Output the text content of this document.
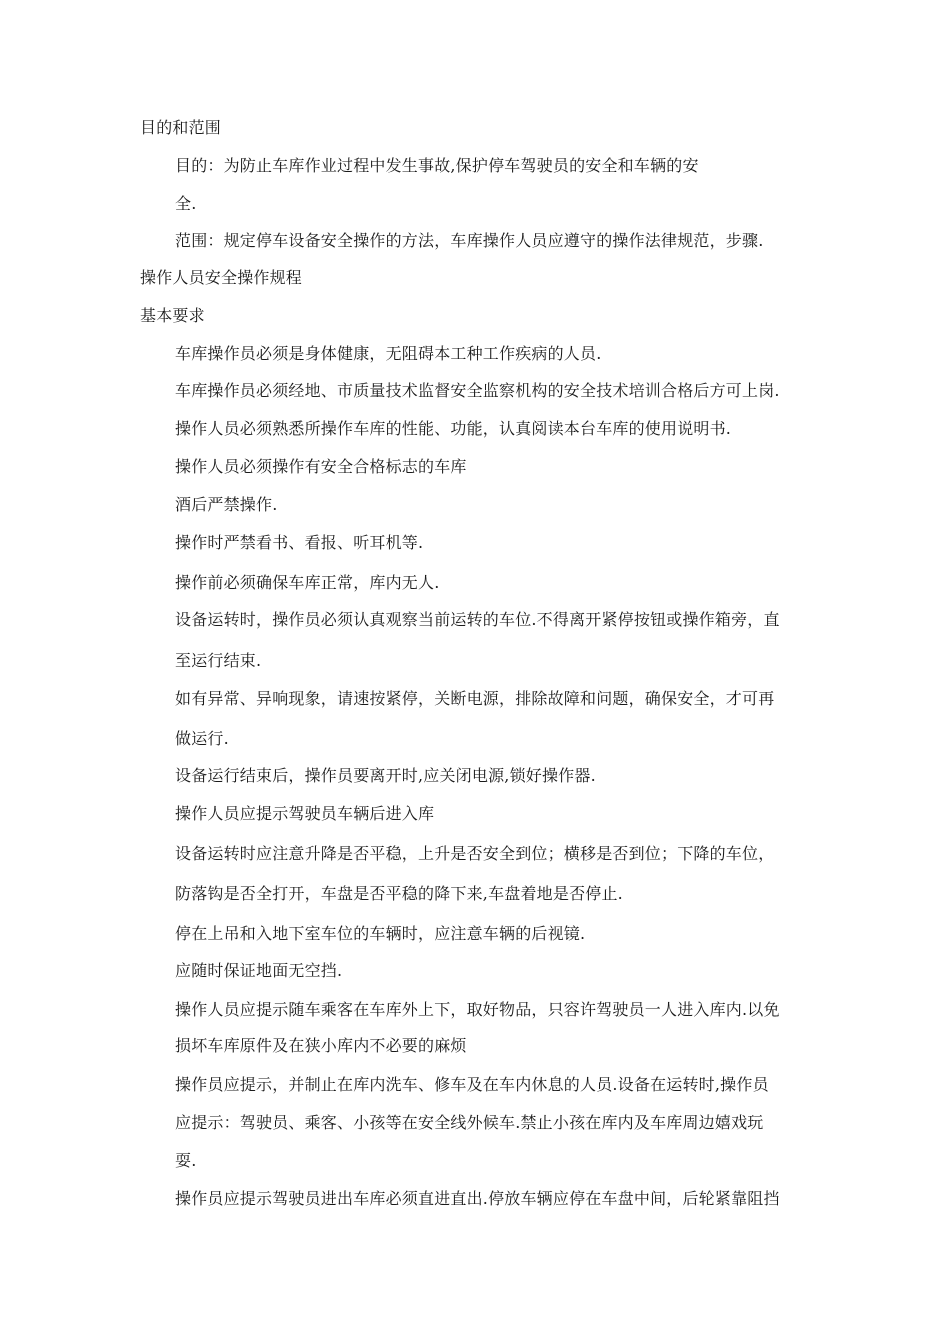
目的和范围
目的：为防止车库作业过程中发生事故,保护停车驾驶员的安全和车辆的安
全.
范围：规定停车设备安全操作的方法，车库操作人员应遵守的操作法律规范，步骤.
操作人员安全操作规程
基本要求
车库操作员必须是身体健康，无阻碍本工种工作疾病的人员.
车库操作员必须经地、市质量技术监督安全监察机构的安全技术培训合格后方可上岗.
操作人员必须熟悉所操作车库的性能、功能，认真阅读本台车库的使用说明书.
操作人员必须操作有安全合格标志的车库
酒后严禁操作.
操作时严禁看书、看报、听耳机等.
操作前必须确保车库正常，库内无人.
设备运转时，操作员必须认真观察当前运转的车位.不得离开紧停按钮或操作箱旁，直
至运行结束.
如有异常、异响现象，请速按紧停，关断电源，排除故障和问题，确保安全，才可再
做运行.
设备运行结束后，操作员要离开时,应关闭电源,锁好操作器.
操作人员应提示驾驶员车辆后进入库
设备运转时应注意升降是否平稳，上升是否安全到位；横移是否到位；下降的车位，
防落钩是否全打开，车盘是否平稳的降下来,车盘着地是否停止.
停在上吊和入地下室车位的车辆时，应注意车辆的后视镜.
应随时保证地面无空挡.
操作人员应提示随车乘客在车库外上下，取好物品，只容许驾驶员一人进入库内.以免
损坏车库原件及在狭小库内不必要的麻烦
操作员应提示，并制止在库内洗车、修车及在车内休息的人员.设备在运转时,操作员
应提示：驾驶员、乘客、小孩等在安全线外候车.禁止小孩在库内及车库周边嬉戏玩
耍.
操作员应提示驾驶员进出车库必须直进直出.停放车辆应停在车盘中间，后轮紧靠阻挡
